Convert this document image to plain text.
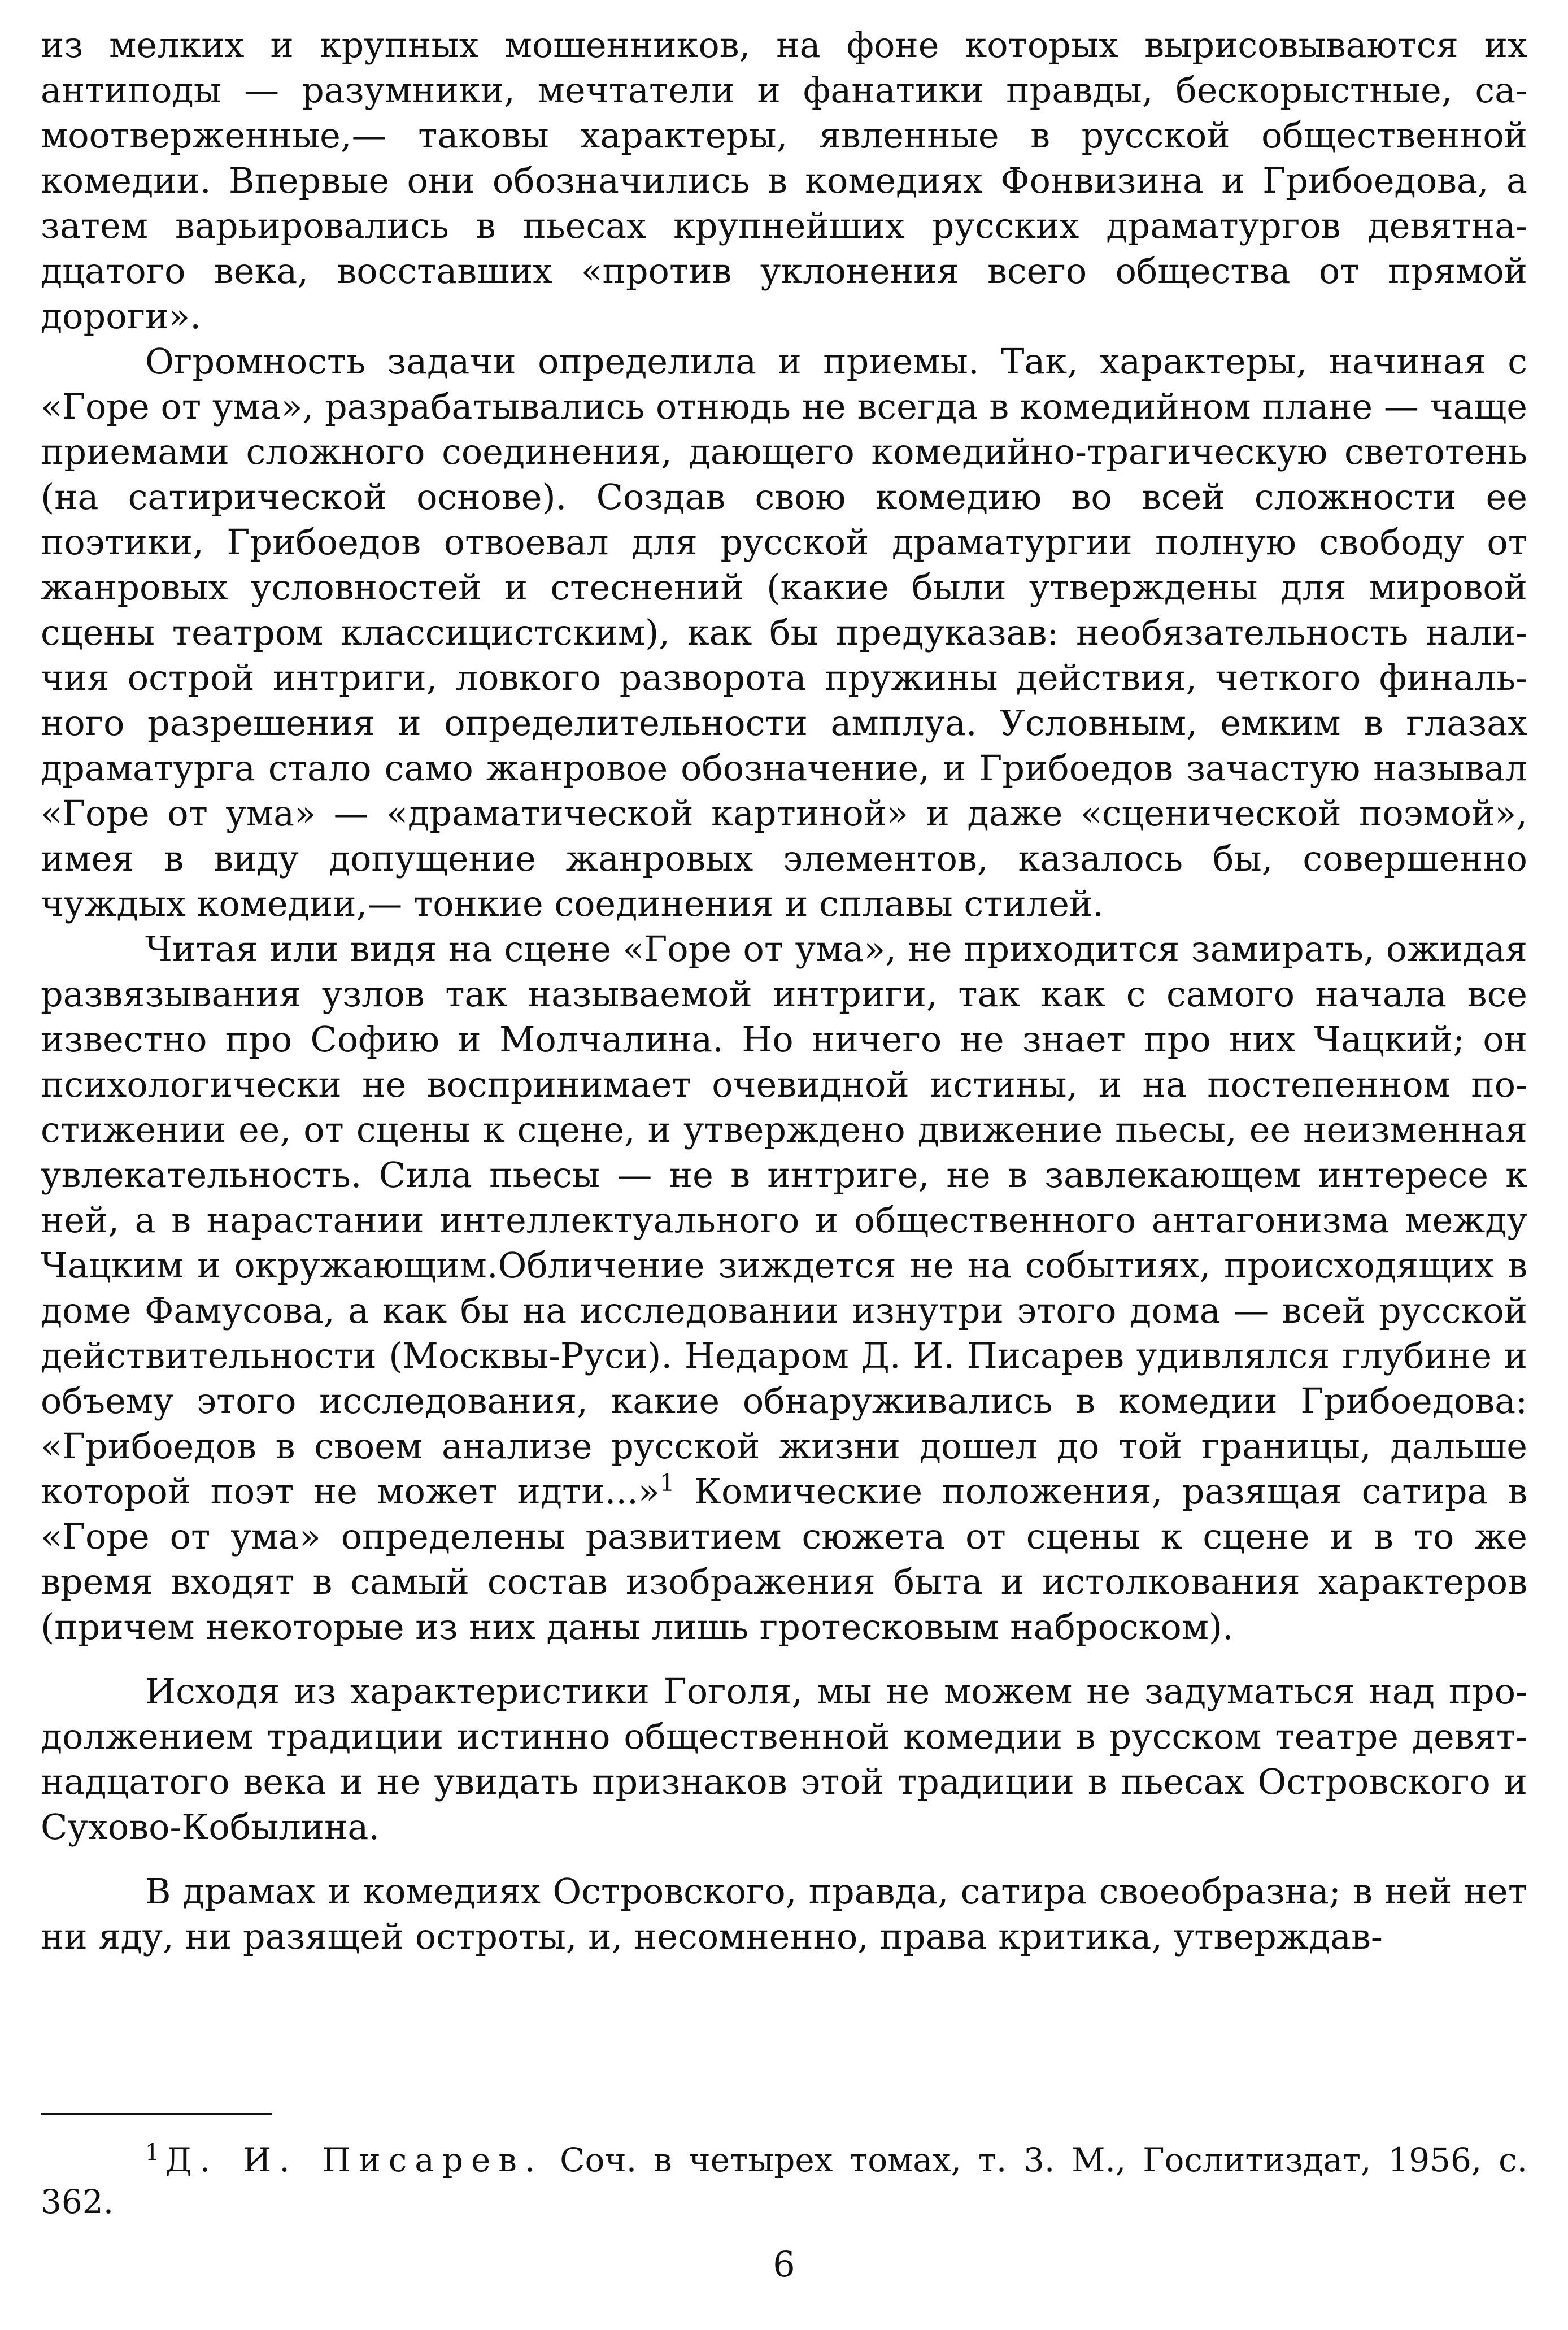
из мелких и крупных мошенников, на фоне которых вырисовываются их антиподы — разумники, мечтатели и фанатики правды, бескорыстные, самоотверженные,— таковы характеры, явленные в русской общественной комедии. Впервые они обозначились в комедиях Фонвизина и Грибоедова, а затем варьировались в пьесах крупнейших русских драматургов девятнадцатого века, восставших «против уклонения всего общества от прямой дороги».

Огромность задачи определила и приемы. Так, характеры, начиная с «Горе от ума», разрабатывались отнюдь не всегда в комедийном плане — чаще приемами сложного соединения, дающего комедийно-трагическую светотень (на сатирической основе). Создав свою комедию во всей сложности ее поэтики, Грибоедов отвоевал для русской драматургии полную свободу от жанровых условностей и стеснений (какие были утверждены для мировой сцены театром классицистским), как бы предуказав: необязательность наличия острой интриги, ловкого разворота пружины действия, четкого финального разрешения и определительности амплуа. Условным, емким в глазах драматурга стало само жанровое обозначение, и Грибоедов зачастую называл «Горе от ума» — «драматической картиной» и даже «сценической поэмой», имея в виду допущение жанровых элементов, казалось бы, совершенно чуждых комедии,— тонкие соединения и сплавы стилей.

Читая или видя на сцене «Горе от ума», не приходится замирать, ожидая развязывания узлов так называемой интриги, так как с самого начала все известно про Софию и Молчалина. Но ничего не знает про них Чацкий; он психологически не воспринимает очевидной истины, и на постепенном постижении ее, от сцены к сцене, и утверждено движение пьесы, ее неизменная увлекательность. Сила пьесы — не в интриге, не в завлекающем интересе к ней, а в нарастании интеллектуального и общественного антагонизма между Чацким и окружающим.Обличение зиждется не на событиях, происходящих в доме Фамусова, а как бы на исследовании изнутри этого дома — всей русской действительности (Москвы-Руси). Недаром Д. И. Писарев удивлялся глубине и объему этого исследования, какие обнаруживались в комедии Грибоедова: «Грибоедов в своем анализе русской жизни дошел до той границы, дальше которой поэт не может идти...»$^1$ Комические положения, разящая сатира в «Горе от ума» определены развитием сюжета от сцены к сцене и в то же время входят в самый состав изображения быта и истолкования характеров (причем некоторые из них даны лишь гротесковым наброском).

Исходя из характеристики Гоголя, мы не можем не задуматься над продолжением традиции истинно общественной комедии в русском театре девятнадцатого века и не увидать признаков этой традиции в пьесах Островского и Сухово-Кобылина.

В драмах и комедиях Островского, правда, сатира своеобразна; в ней нет ни яду, ни разящей остроты, и, несомненно, права критика, утверждав-

$^1$ Д. И. Писарев. Соч. в четырех томах, т. 3. М., Гослитиздат, 1956, с. 362.
6
